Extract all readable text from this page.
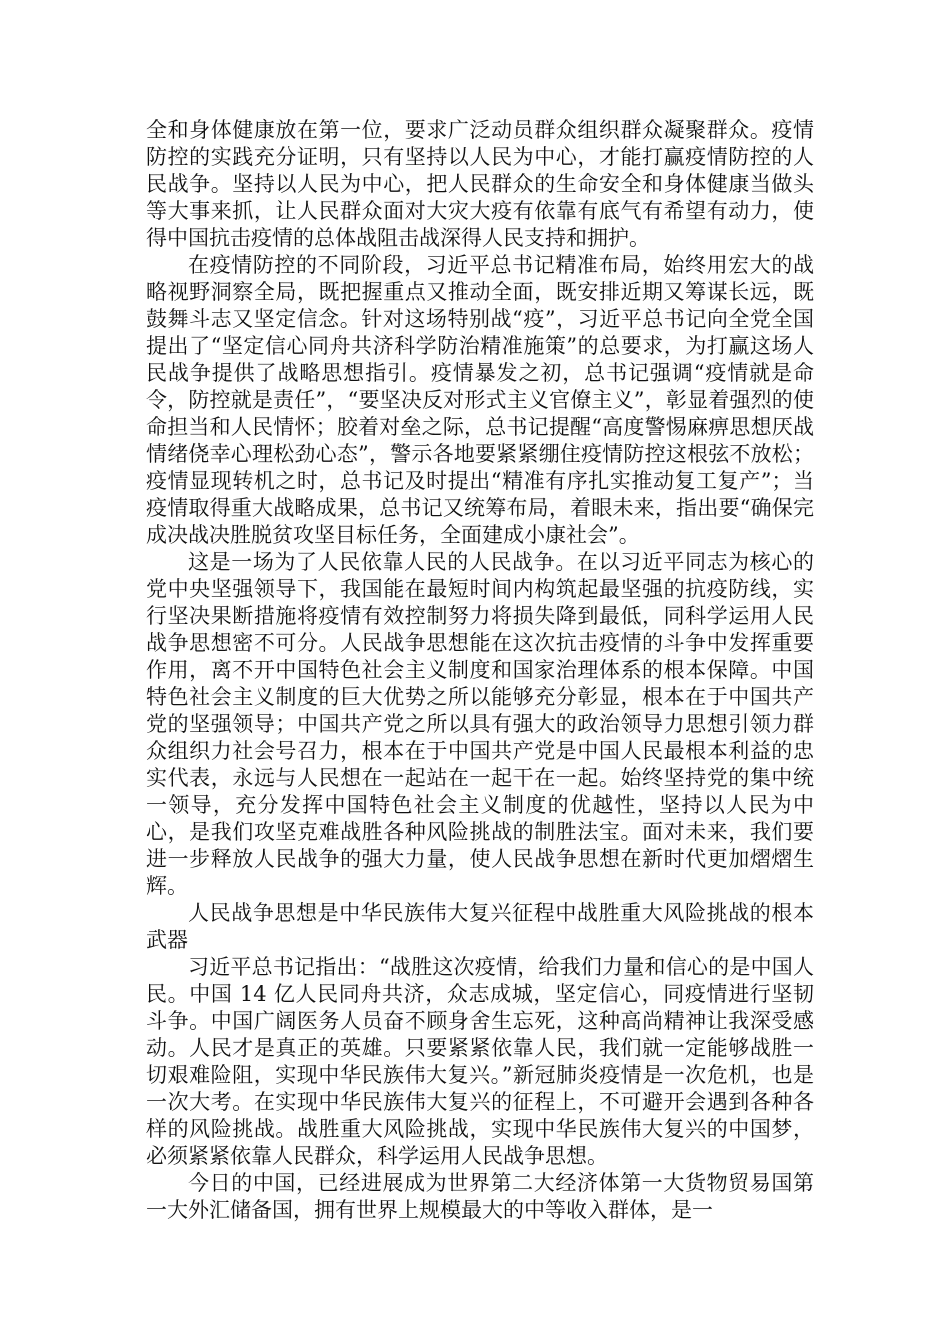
全和身体健康放在第一位，要求广泛动员群众组织群众凝聚群众。疫情防控的实践充分证明，只有坚持以人民为中心，才能打赢疫情防控的人民战争。坚持以人民为中心，把人民群众的生命安全和身体健康当做头等大事来抓，让人民群众面对大灾大疫有依靠有底气有希望有动力，使得中国抗击疫情的总体战阻击战深得人民支持和拥护。

在疫情防控的不同阶段，习近平总书记精准布局，始终用宏大的战略视野洞察全局，既把握重点又推动全面，既安排近期又筹谋长远，既鼓舞斗志又坚定信念。针对这场特别战“疫”，习近平总书记向全党全国提出了“坚定信心同舟共济科学防治精准施策”的总要求，为打赢这场人民战争提供了战略思想指引。疫情暴发之初，总书记强调“疫情就是命令，防控就是责任”，“要坚决反对形式主义官僚主义”，彰显着强烈的使命担当和人民情怀；胶着对垒之际，总书记提醒“高度警惕麻痹思想厌战情绪侥幸心理松劲心态”，警示各地要紧紧绷住疫情防控这根弦不放松；疫情显现转机之时，总书记及时提出“精准有序扎实推动复工复产”；当疫情取得重大战略成果，总书记又统筹布局，着眼未来，指出要“确保完成决战决胜脱贫攻坚目标任务，全面建成小康社会”。

这是一场为了人民依靠人民的人民战争。在以习近平同志为核心的党中央坚强领导下，我国能在最短时间内构筑起最坚强的抗疫防线，实行坚决果断措施将疫情有效控制努力将损失降到最低，同科学运用人民战争思想密不可分。人民战争思想能在这次抗击疫情的斗争中发挥重要作用，离不开中国特色社会主义制度和国家治理体系的根本保障。中国特色社会主义制度的巨大优势之所以能够充分彰显，根本在于中国共产党的坚强领导；中国共产党之所以具有强大的政治领导力思想引领力群众组织力社会号召力，根本在于中国共产党是中国人民最根本利益的忠实代表，永远与人民想在一起站在一起干在一起。始终坚持党的集中统一领导，充分发挥中国特色社会主义制度的优越性，坚持以人民为中心，是我们攻坚克难战胜各种风险挑战的制胜法宝。面对未来，我们要进一步释放人民战争的强大力量，使人民战争思想在新时代更加熠熠生辉。

人民战争思想是中华民族伟大复兴征程中战胜重大风险挑战的根本武器

习近平总书记指出：“战胜这次疫情，给我们力量和信心的是中国人民。中国 14 亿人民同舟共济，众志成城，坚定信心，同疫情进行坚韧斗争。中国广阔医务人员奋不顾身舍生忘死，这种高尚精神让我深受感动。人民才是真正的英雄。只要紧紧依靠人民，我们就一定能够战胜一切艰难险阻，实现中华民族伟大复兴。”新冠肺炎疫情是一次危机，也是一次大考。在实现中华民族伟大复兴的征程上，不可避开会遇到各种各样的风险挑战。战胜重大风险挑战，实现中华民族伟大复兴的中国梦，必须紧紧依靠人民群众，科学运用人民战争思想。

今日的中国，已经进展成为世界第二大经济体第一大货物贸易国第一大外汇储备国，拥有世界上规模最大的中等收入群体，是一
